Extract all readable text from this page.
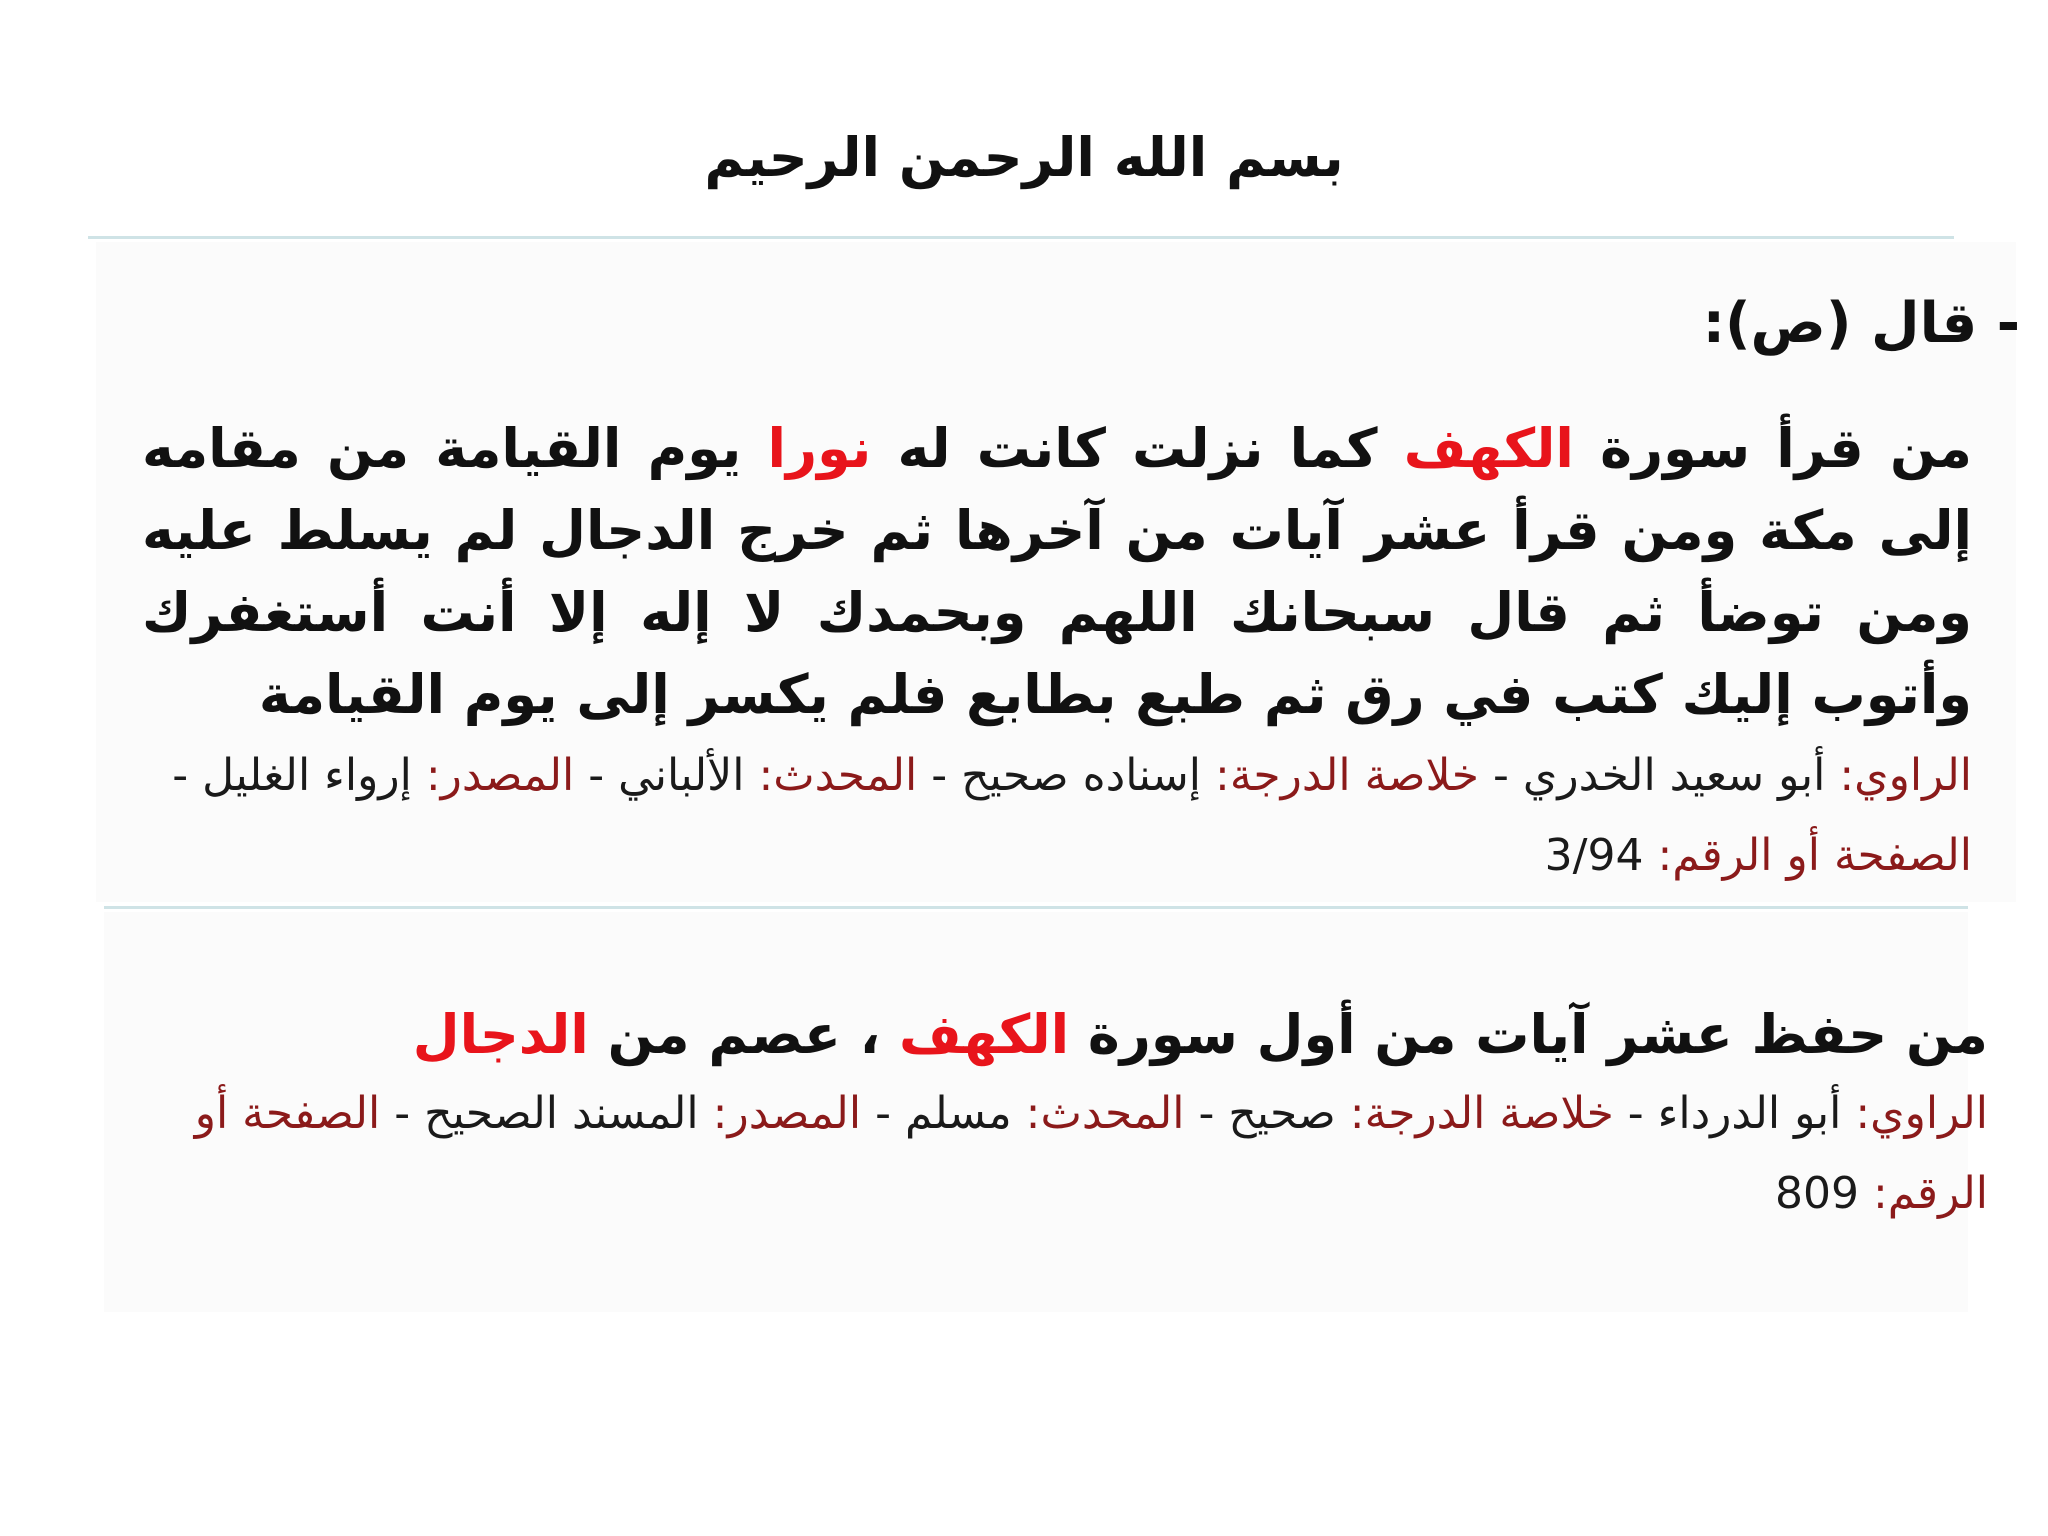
بسم الله الرحمن الرحيم
- قال (ص):
من قرأ سورة الكهف كما نزلت كانت له نورا يوم القيامة من مقامه إلى مكة ومن قرأ عشر آيات من آخرها ثم خرج الدجال لم يسلط عليه ومن توضأ ثم قال سبحانك اللهم وبحمدك لا إله إلا أنت أستغفرك وأتوب إليك كتب في رق ثم طبع بطابع فلم يكسر إلى يوم القيامة
الراوي: أبو سعيد الخدري-خلاصة الدرجة: إسناده صحيح-المحدث: الألباني-المصدر: إرواء الغليل-الصفحة أو الرقم: 3/94
من حفظ عشر آيات من أول سورة الكهف ، عصم من الدجال
الراوي: أبو الدرداء-خلاصة الدرجة: صحيح-المحدث: مسلم-المصدر: المسند الصحيح-الصفحة أو الرقم: 809
